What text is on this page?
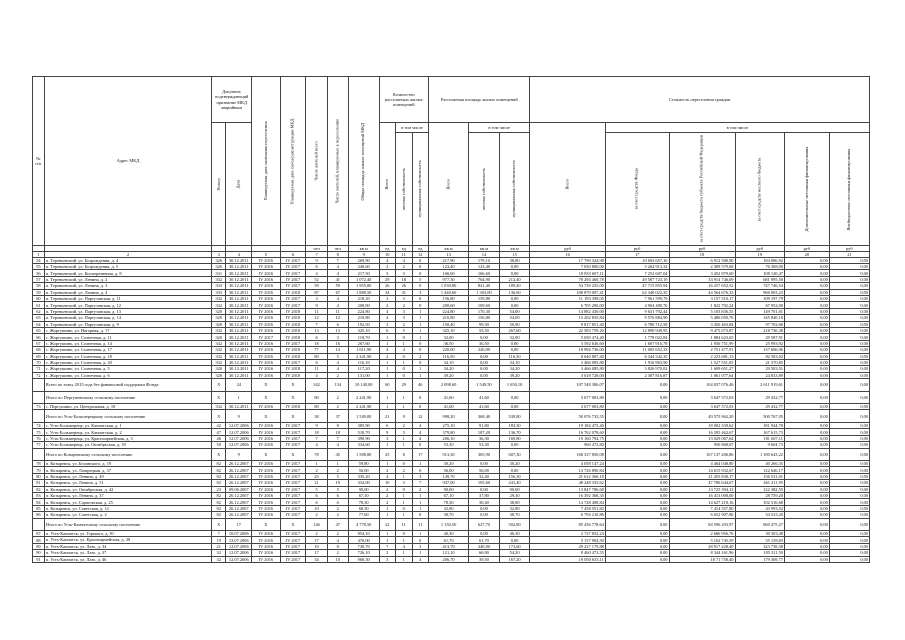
№ п/п	Адрес МКД	Документ, подтверждающий признание МКД аварийным		Планируемая дата окончания переселения	Планируемая дата сноса/реконструкции МКД	Число жителей всего	Число жителей, планируемых к переселению	Общая площадь жилых помещений МКД	Количество расселяемых жилых помещений			Расселяемая площадь жилых помещений			Стоимость переселения граждан					
		Номер	Дата						Всего	в том числе		Всего	в том числе		Всего	в том числе				
										частная собственность	муниципальная собственность		частная собственность	муниципальная собственность		за счет средств Фонда	за счет средств бюджета субъекта Российской Федерации	за счет средств местного бюджета	Дополнительные источники финансирования	Внебюджетные источники финансирования
						чел	чел	кв.м	ед	ед	ед	кв.м	кв.м	кв.м	руб	руб	руб	руб	руб	руб
1	2	3	4	5	6	7	8	9	10	11	12	13	14	15	16	17	18	19	20	21
54	п. Тереньевский, ул. Бозрождения, д. 4	326	30.12.2011	IV 2016	IV 2017	9	7	269,90	4	4	0	217,90	179,10	38,80	17 790 324,98	10 692 657,16	6 912 580,90	184 086,92	0,00	0,00
55	п. Тереньевский, ул. Бозрождения, д. 5	326	30.12.2011	IV 2016	IV 2017	6	4	240,60	2	2	0	123,40	123,40	0,00	7 650 800,00	5 264 913,32	2 309 579,68	76 308,00	0,00	0,00
56	п. Тереньевский, ул. Кооперативная, д. 8	331	30.12.2011	IV 2016	IV 2017	4	4	217,50	3	3	0	166,60	166,60	0,00	10 833 607,11	7 252 607,04	3 452 879,60	108 120,47	0,00	0,00
57	п. Тереньевский, ул. Ленина, д. 2	332	30.12.2011	IV 2016	IV 2017	52	41	1 072,40	29	18	5	977,30	764,90	212,40	78 294 460,78	49 587 723,19	33 914 746,09	681 995,50	0,00	0,00
58	п. Тереньевский, ул. Ленина, д. 3	333	30.12.2011	IV 2016	IV 2017	59	59	1 955,00	26	26	0	1 030,80	841,40	189,40	54 739 255,00	47 715 855,94	16 257 652,52	747 746,54	0,00	0,00
59	п. Тереньевский, ул. Ленина, д. 4	333	30.12.2011	IV 2016	IV 2018	87	67	1 888,50	34	31	3	1 440,60	1 303,00	136,60	108 879 097,41	62 340 022,35	44 564 676,33	966 003,23	0,00	0,00
60	п. Тереньевский, ул. Партузанская, д. 11	332	30.12.2011	IV 2016	IV 2017	3	4	218,20	3	3	0	156,80	159,80	0,00	11 193 398,05	7 961 599,79	3 157 510,17	109 197,79	0,00	0,00
61	п. Тереньевский, ул. Партузанская, д. 12	332	30.12.2011	IV 2016	IV 2017	9	4	208,80	2	2	0	200,60	109,60	0,00	6 705 200,00	4 904 480,76	1 822 792,24	67 952,00	0,00	0,00
62	п. Тереньевский, ул. Партузанская, д. 13	320	30.12.2011	IV 2016	IV 2018	11	11	224,80	4	3	1	224,80	170,30	54,00	14 882 430,00	9 631 792,44	5 103 836,55	149 701,01	0,00	0,00
63	п. Тереньевский, ул. Партузанская, д. 14	320	30.12.2011	IV 2016	IV 2018	12	12	210,80	4	3	1	210,80	156,80	54,00	15 202 835,84	9 576 884,90	5 486 050,76	145 840,18	0,00	0,00
64	п. Тереньевский, ул. Партузанская, д. 9	320	30.12.2011	IV 2016	IV 2018	7	6	192,50	3	2	1	150,40	99,50	50,90	9 817 851,40	6 786 712,58	3 450 463,84	97 702,68	0,00	0,00
65	с. Жоргушино, ул. Нагорная, д. 17	332	30.12.2011	IV 2016	IV 2018	13	13	325,10	6	5	1	325,10	55,50	267,60	22 583 759,20	12 890 949,95	9 475 073,87	218 736,38	0,00	0,00
66	с. Жоргушино, ул. Солнечная, д. 11	320	30.12.2011	IV 2017	IV 2018	6	3	118,70	1	0	1	32,00	0,00	32,00	5 650 474,40	1 778 022,84	1 884 623,65	29 587,91	0,00	0,00
67	с. Жоргушино, ул. Солнечная, д. 14	332	30.12.2011	IV 2016	IV 2017	18	16	267,60	1	1	0	36,50	36,50	0,00	3 592 636,60	1 607 916,78	1 956 751,99	25 993,92	0,00	0,00
68	с. Жоргушино, ул. Солнечная, д. 17	332	30.12.2011	IV 2016	IV 2018	77	14	1 611,90	4	4	0	220,00	220,00	0,00	18 994 736,00	11 005 652,33	2 751 477,91	137 606,96	0,00	0,00
69	с. Жоргушино, ул. Солнечная, д. 18	332	30.12.2011	IV 2016	IV 2018	80	5	2 241,90	2	0	2	116,50	0,00	116,50	8 640 807,40	6 344 542,35	2 223 681,13	82 583,02	0,00	0,00
70	с. Жоргушино, ул. Солнечная, д. 20	332	30.12.2011	IV 2016	IV 2017	6	4	116,10	1	1	0	34,10	0,00	34,10	3 466 085,80	1 916 963,90	1 527 551,05	21 570,85	0,00	0,00
71	с. Жоргушино, ул. Солнечная, д. 5	320	30.12.2011	IV 2016	IV 2018	11	4	117,20	1	0	1	34,20	0,00	34,20	3 466 085,80	3 826 970,02	1 609 651,27	29 503,51	0,00	0,00
72	с. Жоргушино, ул. Солнечная, д. 6	320	30.12.2011	IV 2016	IV 2018	4	2	131,00	1	0	1	39,20	0,00	39,20	3 618 728,00	2 387 816,87	1 061 077,64	24 833,89	0,00	0,00
	Всего по этапу 2015 года без финансовой поддержки Фонда:	X	24	X	X	342	134	10 140,00	60	29	46	2 098,60	1 549,50	1 650,10	107 548 386,07	0,00	104 037 076,46	2 611 919,61	0,00	0,00
	Итого по Пергушевскому сельскому поселению	X	1	X	X	80	2	2 241,90	1	1	0	41,60	41,60	0,00	3 677 003,80	0,00	3 647 572,03	29 432,77	0,00	0,00
73	с. Пергушино, ул. Центральная, д. 18	332	30.12.2011	IV 2016	IV 2018	80	2	2 241,90	1	1	0	41,60	41,60	0,00	3 677 003,80	0,00	3 647 572,03	29 432,77	0,00	0,00
	Итого по Усть-Большерецкому сельскому поселению	X	9	X	X	38	37	1 549,00	21	9	12	998,20	368,40	539,80	50 076 735,55	0,00	49 575 962,20	500 767,95	0,00	0,00
74	с. Усть-Большерецк, ул. Камчатская, д. 1	42	12.07.2006	IV 2016	IV 2017	9	8	385,90	6	2	4	275,10	91,80	183,30	19 184 473,40	0,00	18 002 339,62	181 944,78	0,00	0,00
75	с. Усть-Большерецк, ул. Камчатская, д. 2	47	12.07.2006	IV 2016	IV 2017	18	18	518,70	9	5	4	379,80	187,20	136,70	16 762 078,60	0,00	16 595 462,67	167 615,73	0,00	0,00
76	с. Усть-Большерецк, ул. Красноармейская, д. 3	46	12.07.2006	IV 2016	IV 2017	7	7	390,90	3	1	4	206,10	36,30	169,80	19 160 794,75	0,00	13 029 067,64	181 607,11	0,00	0,00
77	с. Усть-Большерецк, ул. Октябрьская, д. 39	50	12.07.2006	IV 2016	IV 2017	4	4	334,60	1	1	0	53,30	53,30	0,00	960 472,80	0,00	950 868,07	9 604,73	0,00	0,00
	Итого по Козыревскому сельскому поселению	X	9	X	X	78	45	1 588,80	25	8	17	913,30	305,90	607,30	168 337 850,08	0,00	167 137 206,86	1 180 643,22	0,00	0,00
78	п. Козыревск, ул. Белинского, д. 19	82	26.12.2007	IV 2016	IV 2017	1	1	59,80	1	0	1	30,20	0,00	30,20	4 058 147,24	0,00	4 464 048,80	40 266,35	0,00	0,00
79	п. Козыревск, ул. Лазарецкая, д. 37	82	26.12.2007	IV 2016	IV 2017	2	2	56,00	2	2	0	56,00	56,00	0,00	14 726 890,84	0,00	14 615 932,67	122 646,17	0,00	0,00
80	п. Козыревск, ул. Ленина, д. 49	82	26.12.2007	IV 2016	IV 2017	25	5	335,20	4	1	3	149,70	32,40	156,30	21 612 360,18	0,00	21 455 830,17	156 531,01	0,00	0,00
81	п. Козыревск, ул. Ленина, д. 51	82	26.12.2007	IV 2016	IV 2017	21	19	334,00	10	3	7	947,00	105,60	241,40	48 248 335,62	0,00	47 786 644,67	461 211,95	0,00	0,00
82	п. Козыревск, ул. Октябрьская, д. 42	23	09.06.2007	IV 2016	IV 2017	5	5	90,00	2	0	2	90,00	0,00	90,00	13 847 786,68	0,00	13 725 394,13	122 382,55	0,00	0,00
83	п. Козыревск, ул. Ленина, д. 37	82	26.12.2007	IV 2016	IV 2017	6	6	67,10	2	1	1	67,10	37,80	29,30	16 392 368,35	0,00	16 413 008,00	28 759,20	0,00	0,00
84	п. Козыревск, ул. Саратовская, д. 25	82	26.12.2007	IV 2016	IV 2017	6	6	78,30	2	1	1	78,30	30,40	38,80	14 728 408,84	0,00	14 627 218,16	102 316,68	0,00	0,00
85	п. Козыревск, ул. Советская, д. 12	82	26.12.2007	IV 2016	IV 2017	10	2	68,30	1	0	1	32,80	0,00	32,80	7 458 551,82	0,00	7 414 557,80	43 993,52	0,00	0,00
86	п. Козыревск, ул. Советская, д. 2	82	26.12.2007	IV 2016	IV 2017	2	2	77,60	1	1	0	38,70	0,00	38,70	6 794 210,86	0,00	6 652 907,86	54 523,20	0,00	0,00
	Итого по Усть-Камчатскому сельскому поселению	X	17	X	X	146	47	4 778,50	22	11	11	1 130,50	627,70	502,80	85 456 778,64	0,00	84 596 293,97	860 475,27	0,00	0,00
87	п. Усть-Камчатск, ул. Горького, д. 81	7	10.07.2006	IV 2016	IV 2017	2	2	854,10	1	0	1	40,30	0,00	46,30	2 727 852,24	0,00	2 686 956,76	39 303,48	0,00	0,00
88	п. Усть-Камчатск, ул. Красноармейская, д. 28	19	13.07.2006	IV 2016	IV 2017	17	4	476,00	1	1	0	61,70	61,70	0,00	5 157 904,50	0,00	5 102 745,59	55 158,83	0,00	0,00
89	п. Усть-Камчатск, ул. Лазо, д. 34	21	12.07.2006	IV 2016	IV 2017	10	8	730,70	7	4	3	413,70	240,00	173,60	29 227 179,88	0,00	28 917 428,40	323 738,38	0,00	0,00
90	п. Усть-Камчатск, ул. Лазо, д. 37	32	12.07.2006	IV 2016	IV 2017	17	2	726,10	2	1	1	121,10	66,90	54,20	8 460 473,55	0,00	8 344 161,96	105 311,59	0,00	0,00
91	п. Усть-Камчатск, ул. Лазо, д. 46	32	12.07.2006	IV 2016	IV 2017	34	10	968,30	3	1	4	206,70	39,50	167,20	19 050 633,11	0,00	18 71 758,40	179 369,77	0,00	0,00
